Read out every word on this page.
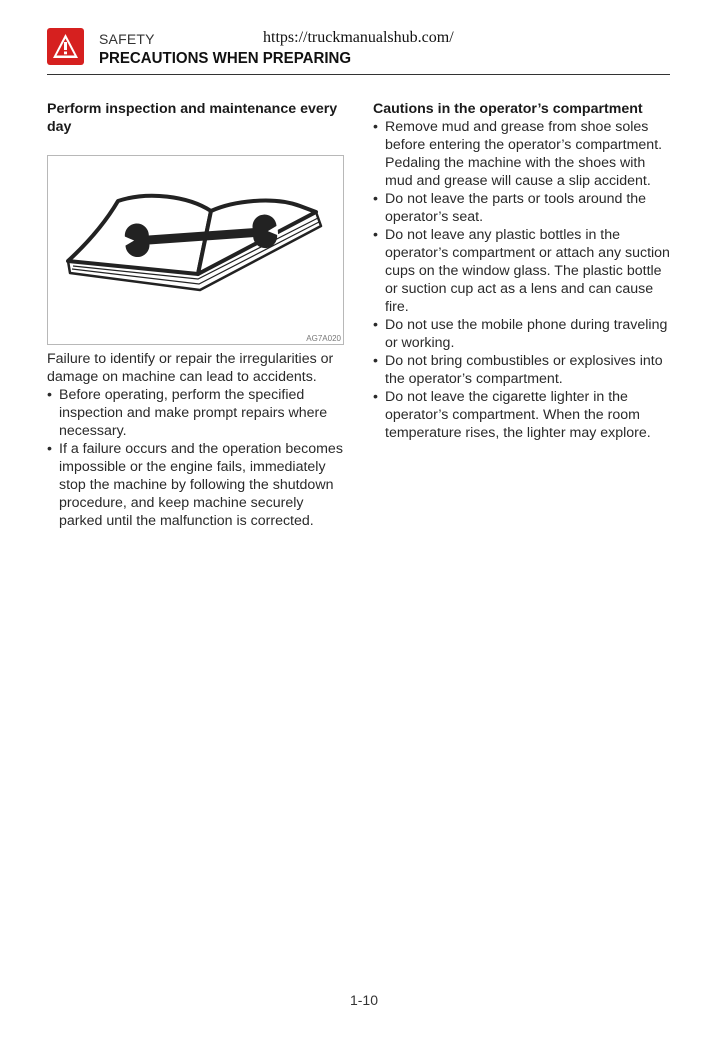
SAFETY	https://truckmanualshub.com/
PRECAUTIONS WHEN PREPARING

Perform inspection and maintenance every day

AG7A020

Failure to identify or repair the irregularities or damage on machine can lead to accidents.

• Before operating, perform the specified inspection and make prompt repairs where necessary.
• If a failure occurs and the operation becomes impossible or the engine fails, immediately stop the machine by following the shutdown procedure, and keep machine securely parked until the malfunction is corrected.

Cautions in the operator’s compartment

• Remove mud and grease from shoe soles before entering the operator’s compartment. Pedaling the machine with the shoes with mud and grease will cause a slip accident.
• Do not leave the parts or tools around the operator’s seat.
• Do not leave any plastic bottles in the operator’s compartment or attach any suction cups on the window glass. The plastic bottle or suction cup act as a lens and can cause fire.
• Do not use the mobile phone during traveling or working.
• Do not bring combustibles or explosives into the operator’s compartment.
• Do not leave the cigarette lighter in the operator’s compartment. When the room temperature rises, the lighter may explore.
1-10
